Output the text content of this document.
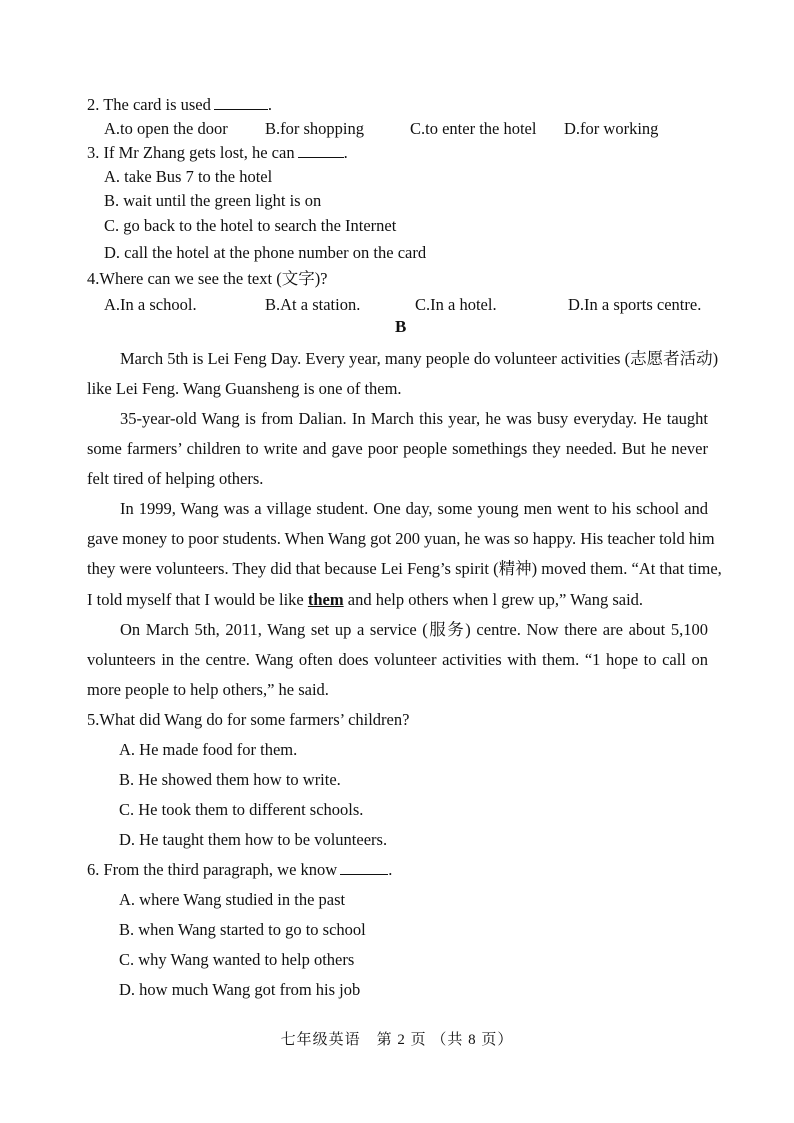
2. The card is used	.
A.to open the door B.for shopping	C.to enter the hotel D.for working
3. If Mr Zhang gets lost, he can	.
A. take Bus 7 to the hotel
B. wait until the green light is on
C. go back to the hotel to search the Internet
D. call the hotel at the phone number on the card
4.Where can we see the text (文字)?
A.In a school.	B.At a station.	C.In a hotel.	D.In a sports centre.
B
March 5th is Lei Feng Day. Every year, many people do volunteer activities (志愿者活动)
like Lei Feng. Wang Guansheng is one of them.
35-year-old Wang is from Dalian. In March this year, he was busy everyday. He taught
some farmers’ children to write and gave poor people somethings they needed. But he never
felt tired of helping others.
In 1999, Wang was a village student. One day, some young men went to his school and
gave money to poor students. When Wang got 200 yuan, he was so happy. His teacher told him
they were volunteers. They did that because Lei Feng’s spirit (精神) moved them. “At that time,
I told myself that I would be like them and help others when l grew up,” Wang said.
On March 5th, 2011, Wang set up a service (服务) centre. Now there are about 5,100
volunteers in the centre. Wang often does volunteer activities with them. “1 hope to call on
more people to help others,” he said.
5.What did Wang do for some farmers’ children?
A. He made food for them.
B. He showed them how to write.
C. He took them to different schools.
D. He taught them how to be volunteers.
6. From the third paragraph, we know	.
A. where Wang studied in the past
B. when Wang started to go to school
C. why Wang wanted to help others
D. how much Wang got from his job
七年级英语　第 2 页 （共 8 页）
